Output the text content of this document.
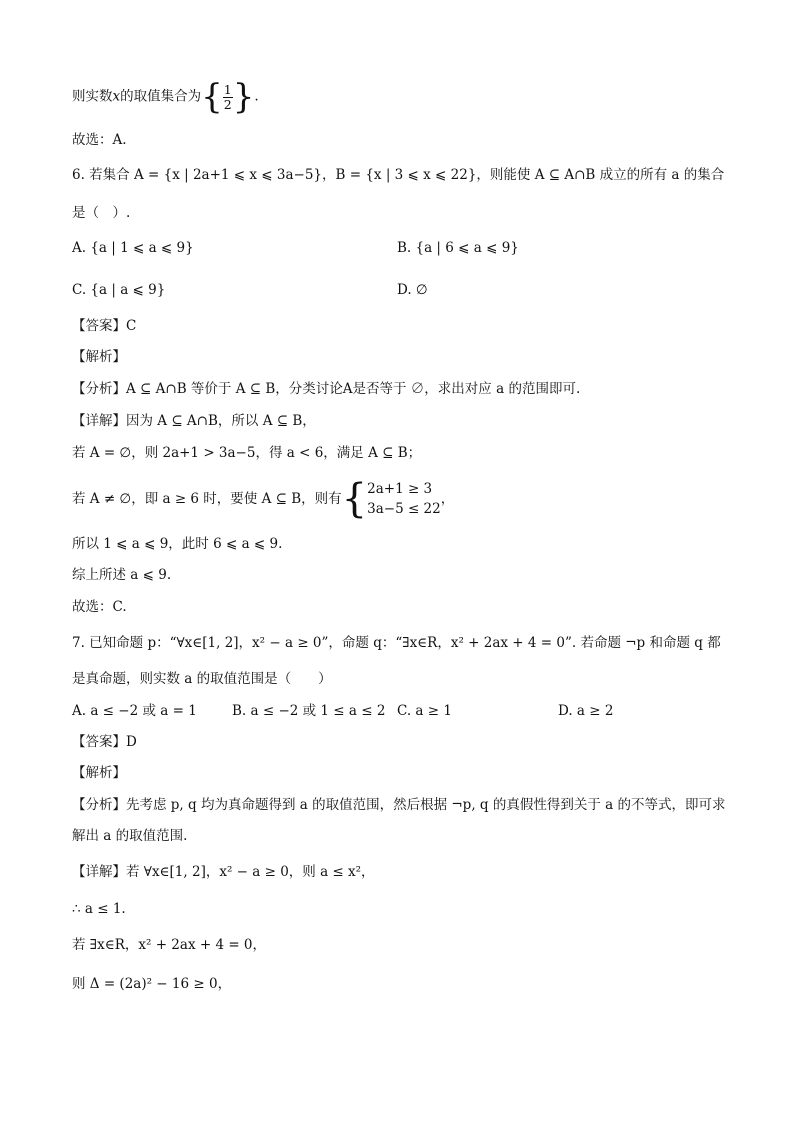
则实数x的取值集合为{ $\frac{1}{2}$ }.
故选：A.
6. 若集合 A = {x | 2a+1 ⩽ x ⩽ 3a−5}，B = {x | 3 ⩽ x ⩽ 22}，则能使 A ⊆ A∩B 成立的所有 a 的集合
是（　）.
A. {a | 1 ⩽ a ⩽ 9}	B. {a | 6 ⩽ a ⩽ 9}
C. {a | a ⩽ 9}	D. ∅
【答案】C
【解析】
【分析】A ⊆ A∩B 等价于 A ⊆ B，分类讨论A是否等于 ∅，求出对应 a 的范围即可.
【详解】因为 A ⊆ A∩B，所以 A ⊆ B，
若 A = ∅，则 2a+1 > 3a−5，得 a < 6，满足 A ⊆ B；
若 A ≠ ∅，即 a ≥ 6 时，要使 A ⊆ B，则有{ 2a+1 ≥ 3
3a−5 ≤ 22
，
所以 1 ⩽ a ⩽ 9，此时 6 ⩽ a ⩽ 9.
综上所述 a ⩽ 9.
故选：C.
7. 已知命题 p：“∀x∈[1, 2]，x² − a ≥ 0”，命题 q：“∃x∈R，x² + 2ax + 4 = 0”. 若命题 ¬p 和命题 q 都
是真命题，则实数 a 的取值范围是（　　）
A. a ≤ −2 或 a = 1	B. a ≤ −2 或 1 ≤ a ≤ 2 C. a ≥ 1	D. a ≥ 2
【答案】D
【解析】
【分析】先考虑 p, q 均为真命题得到 a 的取值范围，然后根据 ¬p, q 的真假性得到关于 a 的不等式，即可求
解出 a 的取值范围.
【详解】若 ∀x∈[1, 2]，x² − a ≥ 0，则 a ≤ x²，
∴ a ≤ 1.
若 ∃x∈R，x² + 2ax + 4 = 0，
则 Δ = (2a)² − 16 ≥ 0，
